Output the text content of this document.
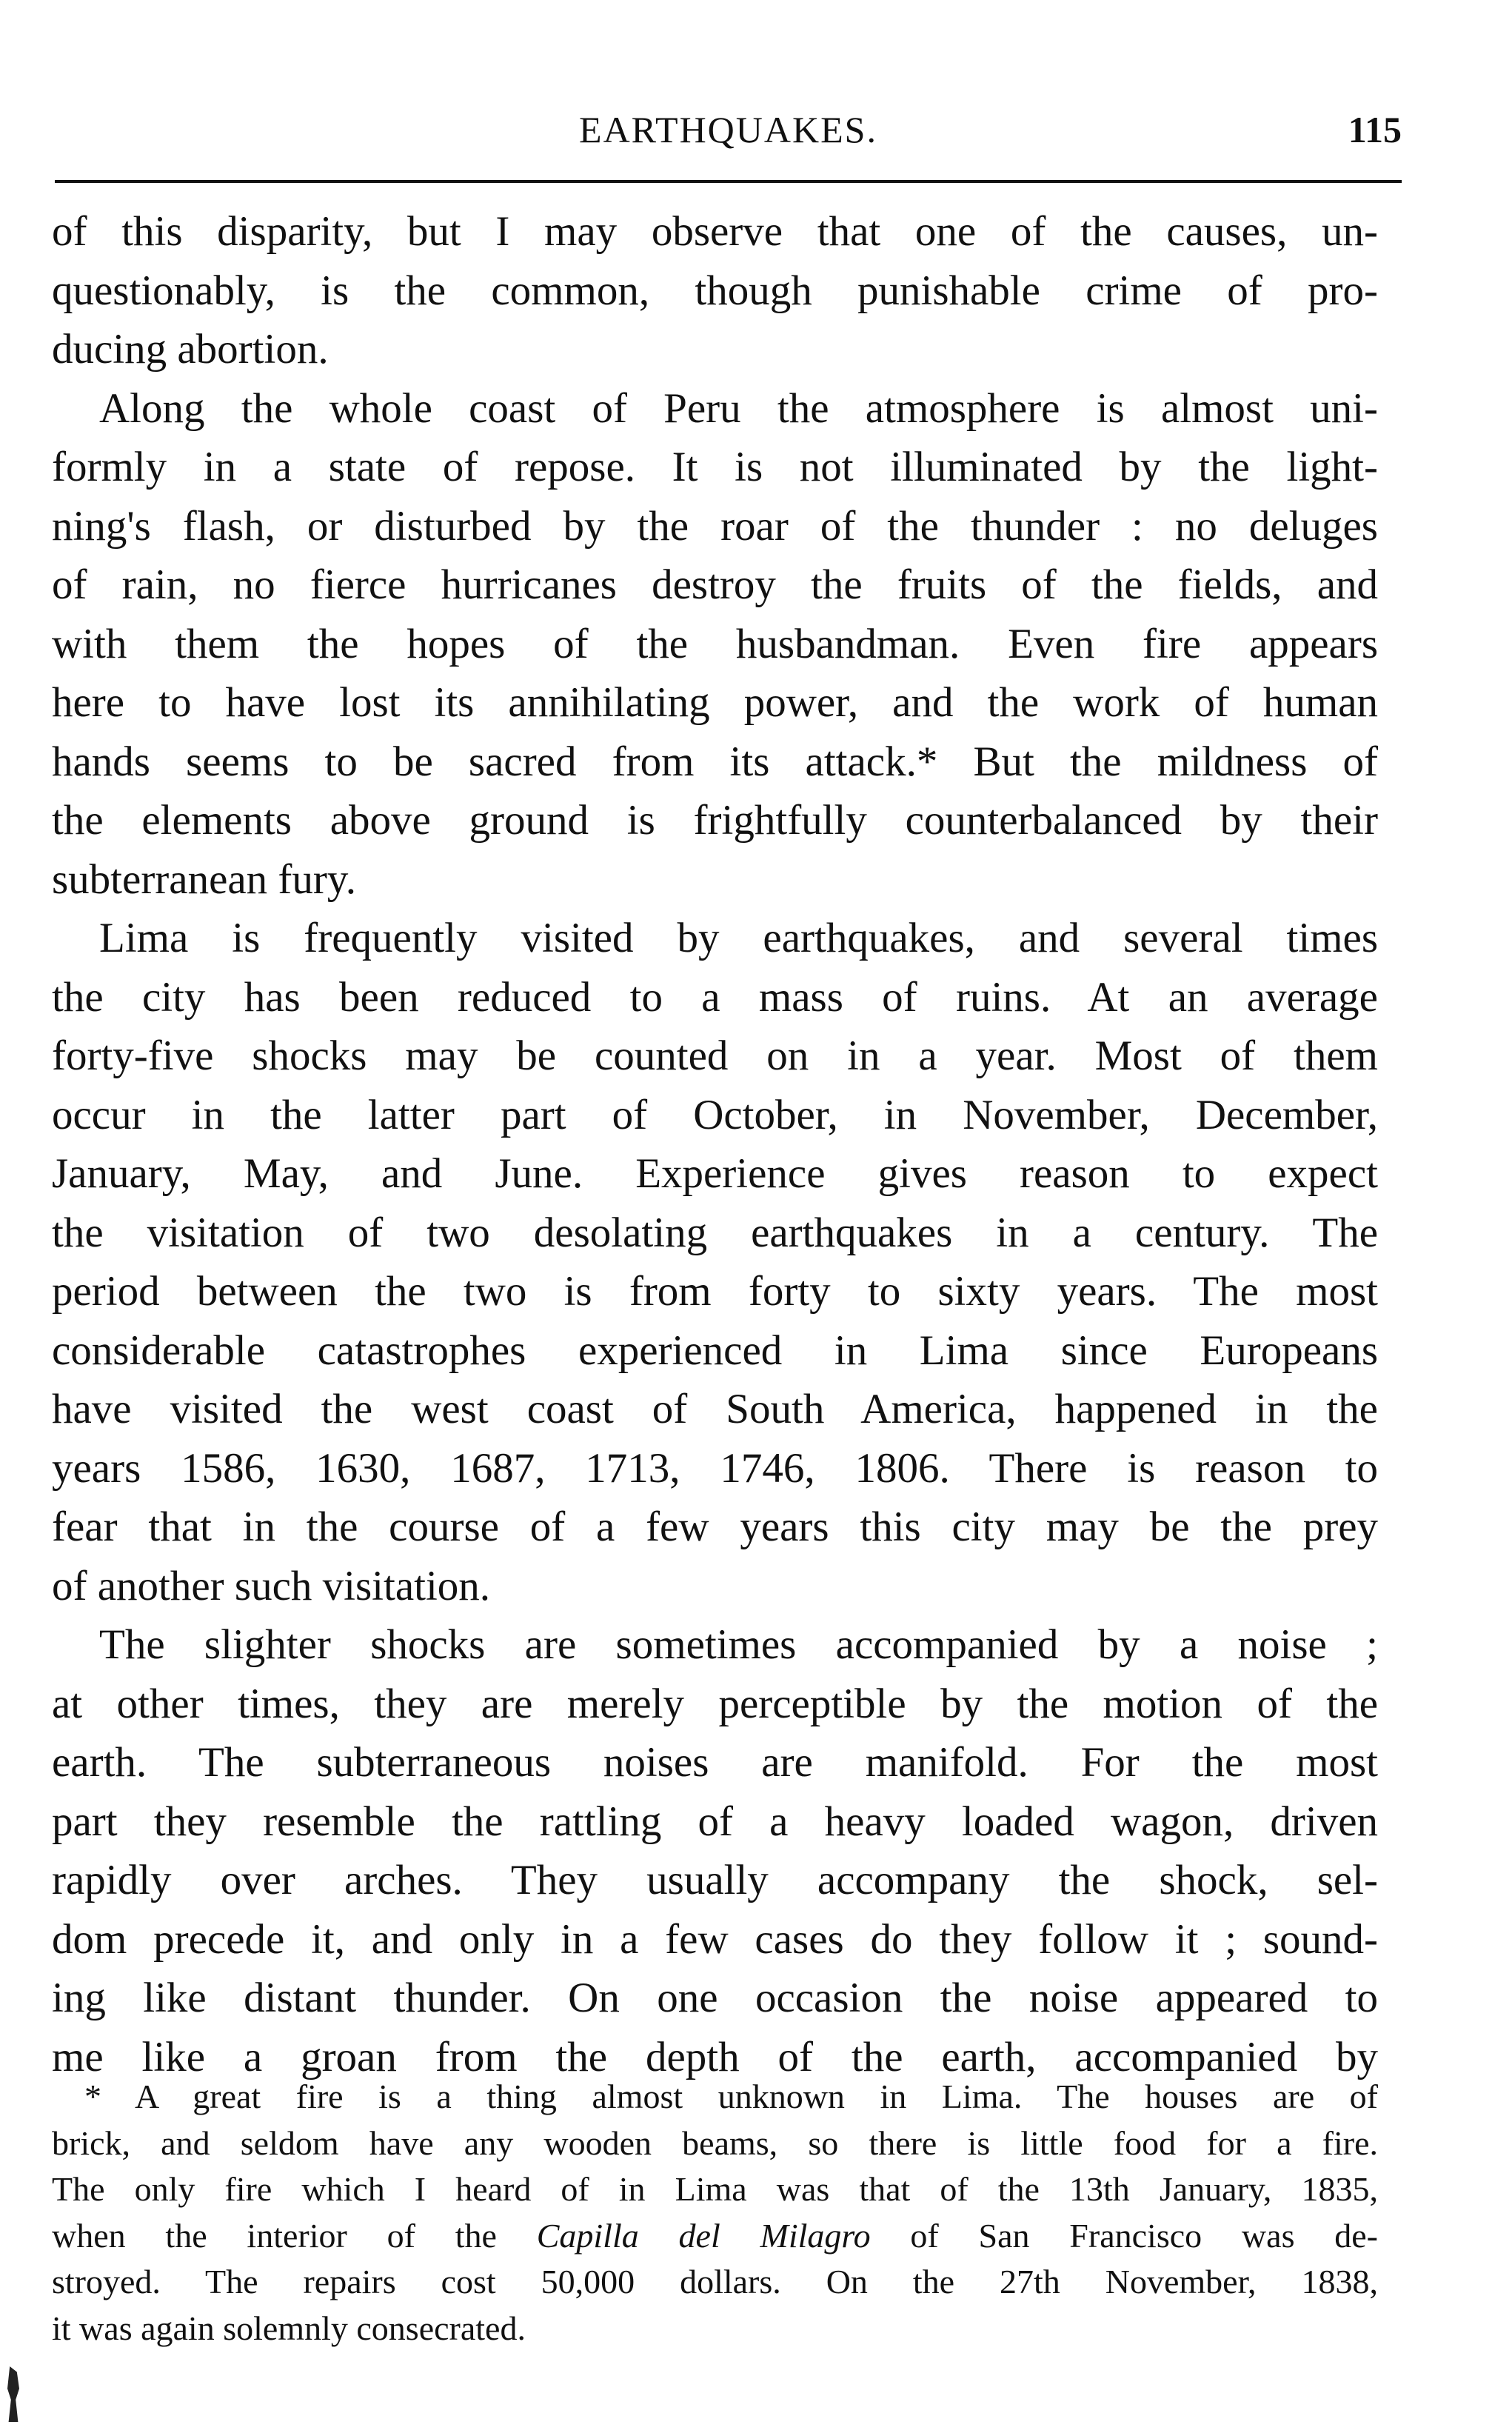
EARTHQUAKES.	115
of this disparity, but I may observe that one of the causes, un-
questionably, is the common, though punishable crime of pro-
ducing abortion.
Along the whole coast of Peru the atmosphere is almost uni-
formly in a state of repose. It is not illuminated by the light-
ning's flash, or disturbed by the roar of the thunder : no deluges
of rain, no fierce hurricanes destroy the fruits of the fields, and
with them the hopes of the husbandman. Even fire appears
here to have lost its annihilating power, and the work of human
hands seems to be sacred from its attack.* But the mildness of
the elements above ground is frightfully counterbalanced by their
subterranean fury.
Lima is frequently visited by earthquakes, and several times
the city has been reduced to a mass of ruins. At an average
forty-five shocks may be counted on in a year. Most of them
occur in the latter part of October, in November, December,
January, May, and June. Experience gives reason to expect
the visitation of two desolating earthquakes in a century. The
period between the two is from forty to sixty years. The most
considerable catastrophes experienced in Lima since Europeans
have visited the west coast of South America, happened in the
years 1586, 1630, 1687, 1713, 1746, 1806. There is reason to
fear that in the course of a few years this city may be the prey
of another such visitation.
The slighter shocks are sometimes accompanied by a noise ;
at other times, they are merely perceptible by the motion of the
earth. The subterraneous noises are manifold. For the most
part they resemble the rattling of a heavy loaded wagon, driven
rapidly over arches. They usually accompany the shock, sel-
dom precede it, and only in a few cases do they follow it ; sound-
ing like distant thunder. On one occasion the noise appeared to
me like a groan from the depth of the earth, accompanied by
* A great fire is a thing almost unknown in Lima. The houses are of
brick, and seldom have any wooden beams, so there is little food for a fire.
The only fire which I heard of in Lima was that of the 13th January, 1835,
when the interior of the Capilla del Milagro of San Francisco was de-
stroyed. The repairs cost 50,000 dollars. On the 27th November, 1838,
it was again solemnly consecrated.
